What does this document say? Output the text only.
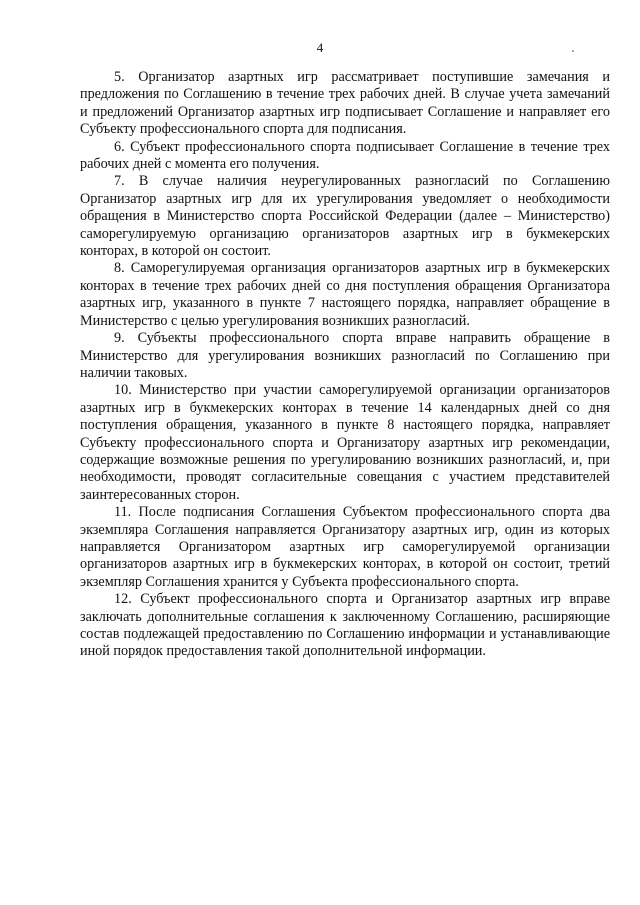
4

5. Организатор азартных игр рассматривает поступившие замечания и предложения по Соглашению в течение трех рабочих дней. В случае учета замечаний и предложений Организатор азартных игр подписывает Соглашение и направляет его Субъекту профессионального спорта для подписания.

6. Субъект профессионального спорта подписывает Соглашение в течение трех рабочих дней с момента его получения.

7. В случае наличия неурегулированных разногласий по Соглашению Организатор азартных игр для их урегулирования уведомляет о необходимости обращения в Министерство спорта Российской Федерации (далее – Министерство) саморегулируемую организацию организаторов азартных игр в букмекерских конторах, в которой он состоит.

8. Саморегулируемая организация организаторов азартных игр в букмекерских конторах в течение трех рабочих дней со дня поступления обращения Организатора азартных игр, указанного в пункте 7 настоящего порядка, направляет обращение в Министерство с целью урегулирования возникших разногласий.

9. Субъекты профессионального спорта вправе направить обращение в Министерство для урегулирования возникших разногласий по Соглашению при наличии таковых.

10. Министерство при участии саморегулируемой организации организаторов азартных игр в букмекерских конторах в течение 14 календарных дней со дня поступления обращения, указанного в пункте 8 настоящего порядка, направляет Субъекту профессионального спорта и Организатору азартных игр рекомендации, содержащие возможные решения по урегулированию возникших разногласий, и, при необходимости, проводят согласительные совещания с участием представителей заинтересованных сторон.

11. После подписания Соглашения Субъектом профессионального спорта два экземпляра Соглашения направляется Организатору азартных игр, один из которых направляется Организатором азартных игр саморегулируемой организации организаторов азартных игр в букмекерских конторах, в которой он состоит, третий экземпляр Соглашения хранится у Субъекта профессионального спорта.

12. Субъект профессионального спорта и Организатор азартных игр вправе заключать дополнительные соглашения к заключенному Соглашению, расширяющие состав подлежащей предоставлению по Соглашению информации и устанавливающие иной порядок предоставления такой дополнительной информации.
